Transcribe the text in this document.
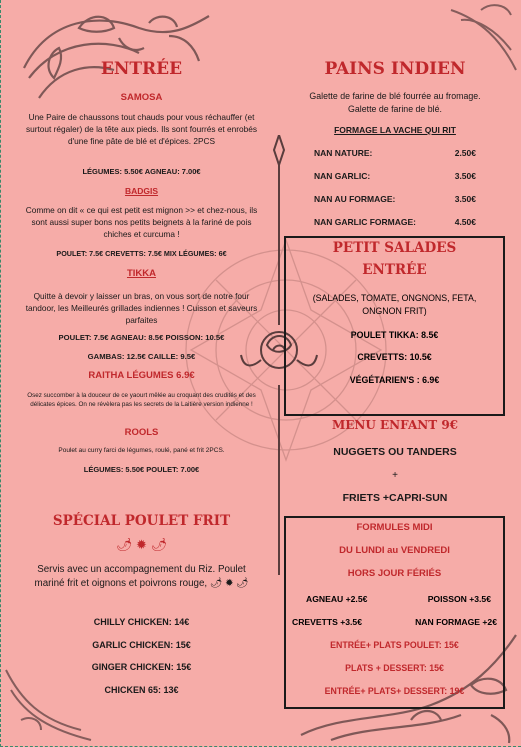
ENTRÉE
SAMOSA
Une Paire de chaussons tout chauds pour vous réchauffer (et surtout régaler) de la tête aux pieds. Ils sont fourrés et enrobés d'une fine pâte de blé et d'épices. 2PCS
LÉGUMES: 5.50€ AGNEAU: 7.00€
BADGIS
Comme on dit « ce qui est petit est mignon >> et chez-nous, ils sont aussi super bons nos petits beignets à la fariné de pois chiches et curcuma !
POULET: 7.5€ CREVETTS: 7.5€ MIX LÉGUMES: 6€
TIKKA
Quitte à devoir y laisser un bras, on vous sort de notre four tandoor, les Meilleurés grillades indiennes ! Cuisson et saveurs parfaites
POULET: 7.5€ AGNEAU: 8.5€ POISSON: 10.5€
GAMBAS: 12.5€ CAILLE: 9.5€
RAITHA LÉGUMES 6.9€
Osez succomber à la douceur de ce yaourt mêlée au croquant des crudités et des délicates épices. On ne révèlera pas les secrets de la Laitière version indienne !
ROOLS
Poulet au curry farci de légumes, roulé, pané et frit 2PCS.
LÉGUMES: 5.50€ POULET: 7.00€
SPÉCIAL POULET FRIT
🌶 ✹ 🌶
Servis avec un accompagnement du Riz. Poulet mariné frit et oignons et poivrons rouge, 🌶 ✹ 🌶
CHILLY CHICKEN: 14€
GARLIC CHICKEN: 15€
GINGER CHICKEN: 15€
CHICKEN 65: 13€
PAINS INDIEN
Galette de farine de blé fourrée au fromage.
Galette de farine de blé.
FORMAGE LA VACHE QUI RIT
NAN NATURE:	2.50€
NAN GARLIC:	3.50€
NAN AU FORMAGE:	3.50€
NAN GARLIC FORMAGE:	4.50€
PETIT SALADES
ENTRÉE
(SALADES, TOMATE, ONGNONS, FETA, ONGNON FRIT)
POULET TIKKA: 8.5€
CREVETTS: 10.5€
VÉGÉTARIEN'S : 6.9€
MENU ENFANT 9€
NUGGETS OU TANDERS
+
FRIETS +CAPRI-SUN
FORMULES MIDI
DU LUNDI au VENDREDI
HORS JOUR FÉRIÉS
AGNEAU +2.5€	POISSON +3.5€
CREVETTS +3.5€	NAN FORMAGE +2€
ENTRÉE+ PLATS POULET: 15€
PLATS + DESSERT: 15€
ENTRÉE+ PLATS+ DESSERT: 19€
